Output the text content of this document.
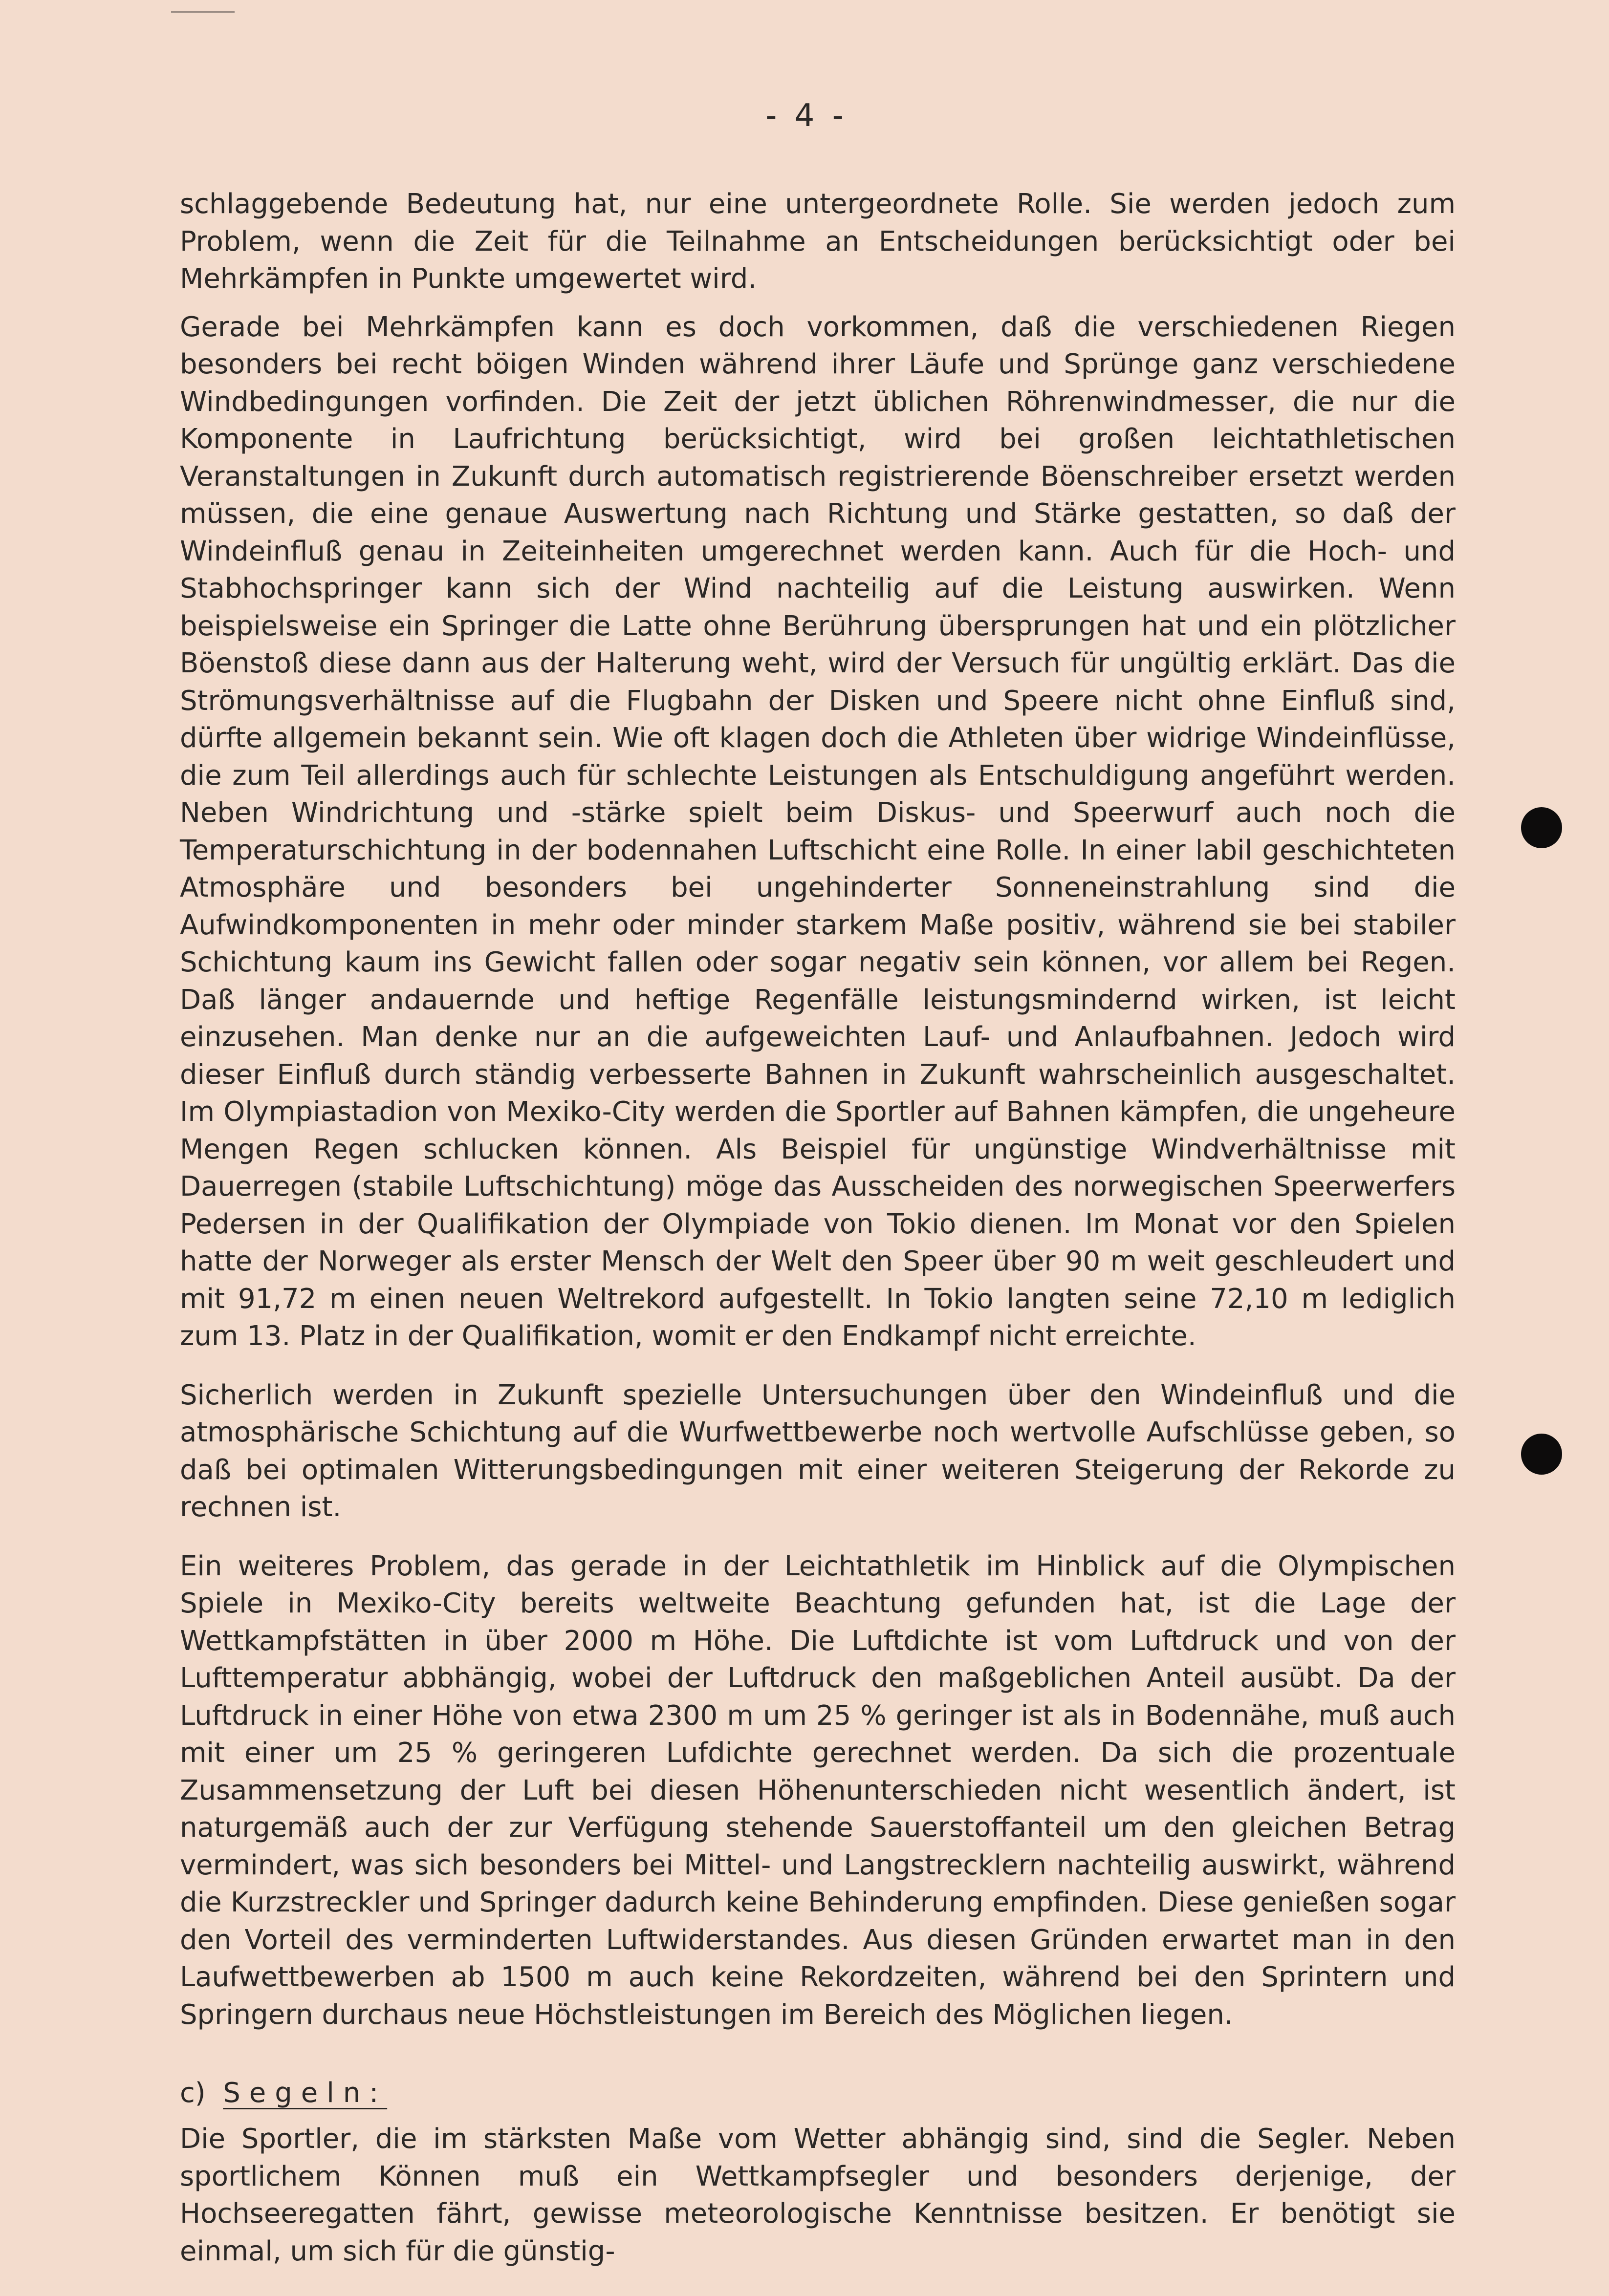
- 4 -

schlaggebende Bedeutung hat, nur eine untergeordnete Rolle. Sie werden jedoch zum Problem, wenn die Zeit für die Teilnahme an Entscheidungen berücksichtigt oder bei Mehrkämpfen in Punkte umgewertet wird.

Gerade bei Mehrkämpfen kann es doch vorkommen, daß die verschiedenen Riegen besonders bei recht böigen Winden während ihrer Läufe und Sprünge ganz verschiedene Windbedingungen vorfinden. Die Zeit der jetzt üblichen Röhrenwindmesser, die nur die Komponente in Laufrichtung berücksichtigt, wird bei großen leichtathletischen Veranstaltungen in Zukunft durch automatisch registrierende Böenschreiber ersetzt werden müssen, die eine genaue Auswertung nach Richtung und Stärke gestatten, so daß der Windeinfluß genau in Zeiteinheiten umgerechnet werden kann. Auch für die Hoch- und Stabhochspringer kann sich der Wind nachteilig auf die Leistung auswirken. Wenn beispielsweise ein Springer die Latte ohne Berührung übersprungen hat und ein plötzlicher Böenstoß diese dann aus der Halterung weht, wird der Versuch für ungültig erklärt. Das die Strömungsverhältnisse auf die Flugbahn der Disken und Speere nicht ohne Einfluß sind, dürfte allgemein bekannt sein. Wie oft klagen doch die Athleten über widrige Windeinflüsse, die zum Teil allerdings auch für schlechte Leistungen als Entschuldigung angeführt werden. Neben Windrichtung und -stärke spielt beim Diskus- und Speerwurf auch noch die Temperaturschichtung in der bodennahen Luftschicht eine Rolle. In einer labil geschichteten Atmosphäre und besonders bei ungehinderter Sonneneinstrahlung sind die Aufwindkomponenten in mehr oder minder starkem Maße positiv, während sie bei stabiler Schichtung kaum ins Gewicht fallen oder sogar negativ sein können, vor allem bei Regen. Daß länger andauernde und heftige Regenfälle leistungsmindernd wirken, ist leicht einzusehen. Man denke nur an die aufgeweichten Lauf- und Anlaufbahnen. Jedoch wird dieser Einfluß durch ständig verbesserte Bahnen in Zukunft wahrscheinlich ausgeschaltet. Im Olympiastadion von Mexiko-City werden die Sportler auf Bahnen kämpfen, die ungeheure Mengen Regen schlucken können. Als Beispiel für ungünstige Windverhältnisse mit Dauerregen (stabile Luftschichtung) möge das Ausscheiden des norwegischen Speerwerfers Pedersen in der Qualifikation der Olympiade von Tokio dienen. Im Monat vor den Spielen hatte der Norweger als erster Mensch der Welt den Speer über 90 m weit geschleudert und mit 91,72 m einen neuen Weltrekord aufgestellt. In Tokio langten seine 72,10 m lediglich zum 13. Platz in der Qualifikation, womit er den Endkampf nicht erreichte.

Sicherlich werden in Zukunft spezielle Untersuchungen über den Windeinfluß und die atmosphärische Schichtung auf die Wurfwettbewerbe noch wertvolle Aufschlüsse geben, so daß bei optimalen Witterungsbedingungen mit einer weiteren Steigerung der Rekorde zu rechnen ist.

Ein weiteres Problem, das gerade in der Leichtathletik im Hinblick auf die Olympischen Spiele in Mexiko-City bereits weltweite Beachtung gefunden hat, ist die Lage der Wettkampfstätten in über 2000 m Höhe. Die Luftdichte ist vom Luftdruck und von der Lufttemperatur abbhängig, wobei der Luftdruck den maßgeblichen Anteil ausübt. Da der Luftdruck in einer Höhe von etwa 2300 m um 25 % geringer ist als in Bodennähe, muß auch mit einer um 25 % geringeren Lufdichte gerechnet werden. Da sich die prozentuale Zusammensetzung der Luft bei diesen Höhenunterschieden nicht wesentlich ändert, ist naturgemäß auch der zur Verfügung stehende Sauerstoffanteil um den gleichen Betrag vermindert, was sich besonders bei Mittel- und Langstrecklern nachteilig auswirkt, während die Kurzstreckler und Springer dadurch keine Behinderung empfinden. Diese genießen sogar den Vorteil des verminderten Luftwiderstandes. Aus diesen Gründen erwartet man in den Laufwettbewerben ab 1500 m auch keine Rekordzeiten, während bei den Sprintern und Springern durchaus neue Höchstleistungen im Bereich des Möglichen liegen.

c) Segeln:

Die Sportler, die im stärksten Maße vom Wetter abhängig sind, sind die Segler. Neben sportlichem Können muß ein Wettkampfsegler und besonders derjenige, der Hochseeregatten fährt, gewisse meteorologische Kenntnisse besitzen. Er benötigt sie einmal, um sich für die günstig-
